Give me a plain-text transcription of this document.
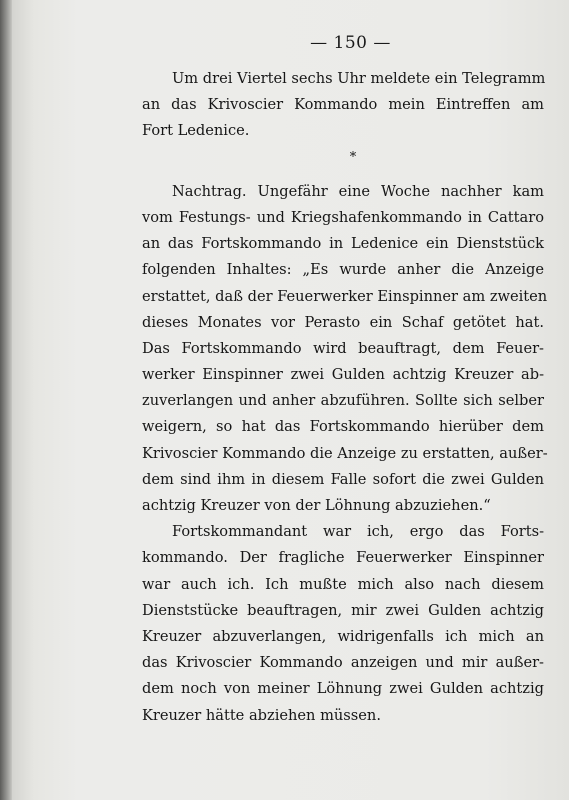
— 150 —
Um drei Viertel sechs Uhr meldete ein Telegramm
an das Krivoscier Kommando mein Eintreffen am
Fort Ledenice.
*
Nachtrag. Ungefähr eine Woche nachher kam
vom Festungs- und Kriegshafenkommando in Cattaro
an das Fortskommando in Ledenice ein Dienststück
folgenden Inhaltes: „Es wurde anher die Anzeige
erstattet, daß der Feuerwerker Einspinner am zweiten
dieses Monates vor Perasto ein Schaf getötet hat.
Das Fortskommando wird beauftragt, dem Feuer-
werker Einspinner zwei Gulden achtzig Kreuzer ab-
zuverlangen und anher abzuführen. Sollte sich selber
weigern, so hat das Fortskommando hierüber dem
Krivoscier Kommando die Anzeige zu erstatten, außer-
dem sind ihm in diesem Falle sofort die zwei Gulden
achtzig Kreuzer von der Löhnung abzuziehen.“
Fortskommandant war ich, ergo das Forts-
kommando. Der fragliche Feuerwerker Einspinner
war auch ich. Ich mußte mich also nach diesem
Dienststücke beauftragen, mir zwei Gulden achtzig
Kreuzer abzuverlangen, widrigenfalls ich mich an
das Krivoscier Kommando anzeigen und mir außer-
dem noch von meiner Löhnung zwei Gulden achtzig
Kreuzer hätte abziehen müssen.
